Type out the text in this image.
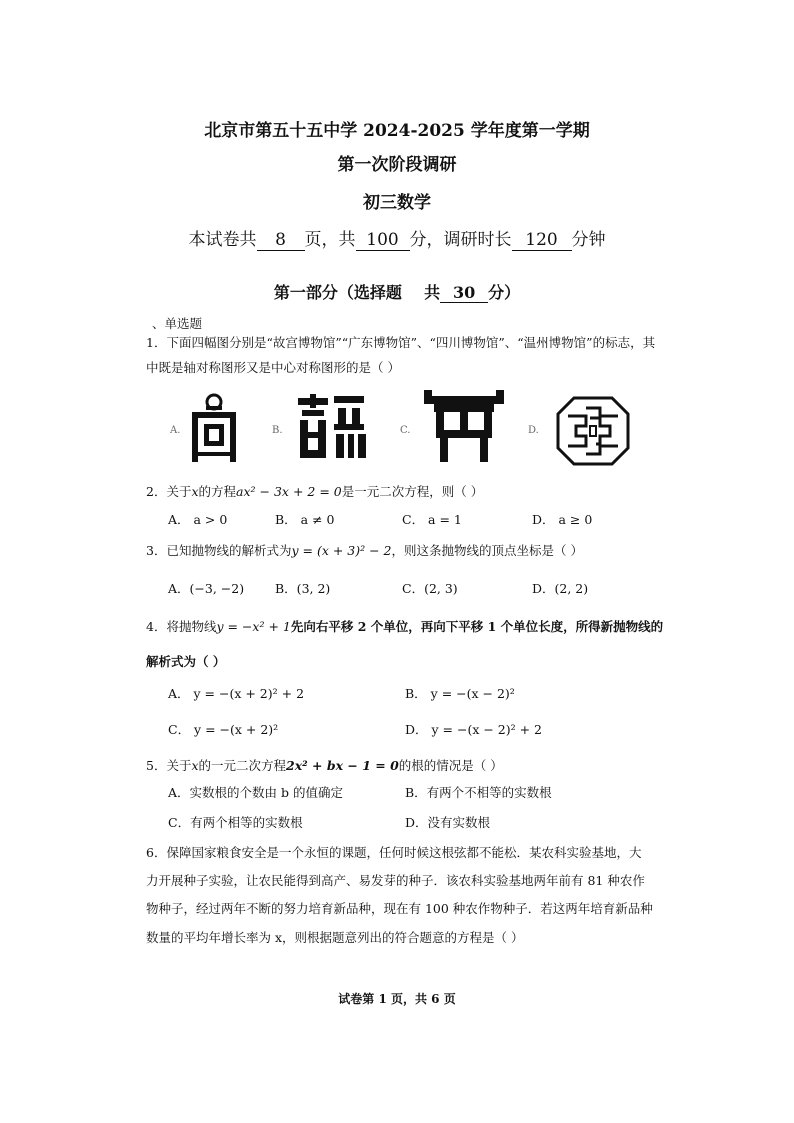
北京市第五十五中学 2024-2025 学年度第一学期
第一次阶段调研
初三数学
本试卷共 8 页，共 100 分，调研时长 120 分钟
第一部分（选择题 共 30 分）
、单选题
1．下面四幅图分别是“故宫博物馆”“广东博物馆”、“四川博物馆”、“温州博物馆”的标志，其
中既是轴对称图形又是中心对称图形的是（ ）
A.	B.	C.	D.
2．关于x的方程ax² − 3x + 2 = 0是一元二次方程，则（ ）
A． a > 0	B． a ≠ 0	C． a = 1	D． a ≥ 0
3．已知抛物线的解析式为y = (x + 3)² − 2，则这条抛物线的顶点坐标是（ ）
A．(−3, −2) B．(3, 2)	C．(2, 3)	D．(2, 2)
4．将抛物线y = −x² + 1先向右平移 2 个单位，再向下平移 1 个单位长度，所得新抛物线的
解析式为（ ）
A． y = −(x + 2)² + 2	B． y = −(x − 2)²
C． y = −(x + 2)²	D． y = −(x − 2)² + 2
5．关于x的一元二次方程2x² + bx − 1 = 0的根的情况是（ ）
A．实数根的个数由 b 的值确定	B．有两个不相等的实数根
C．有两个相等的实数根	D．没有实数根
6．保障国家粮食安全是一个永恒的课题，任何时候这根弦都不能松．某农科实验基地，大
力开展种子实验，让农民能得到高产、易发芽的种子．该农科实验基地两年前有 81 种农作
物种子，经过两年不断的努力培育新品种，现在有 100 种农作物种子．若这两年培育新品种
数量的平均年增长率为 x，则根据题意列出的符合题意的方程是（ ）
试卷第 1 页，共 6 页
